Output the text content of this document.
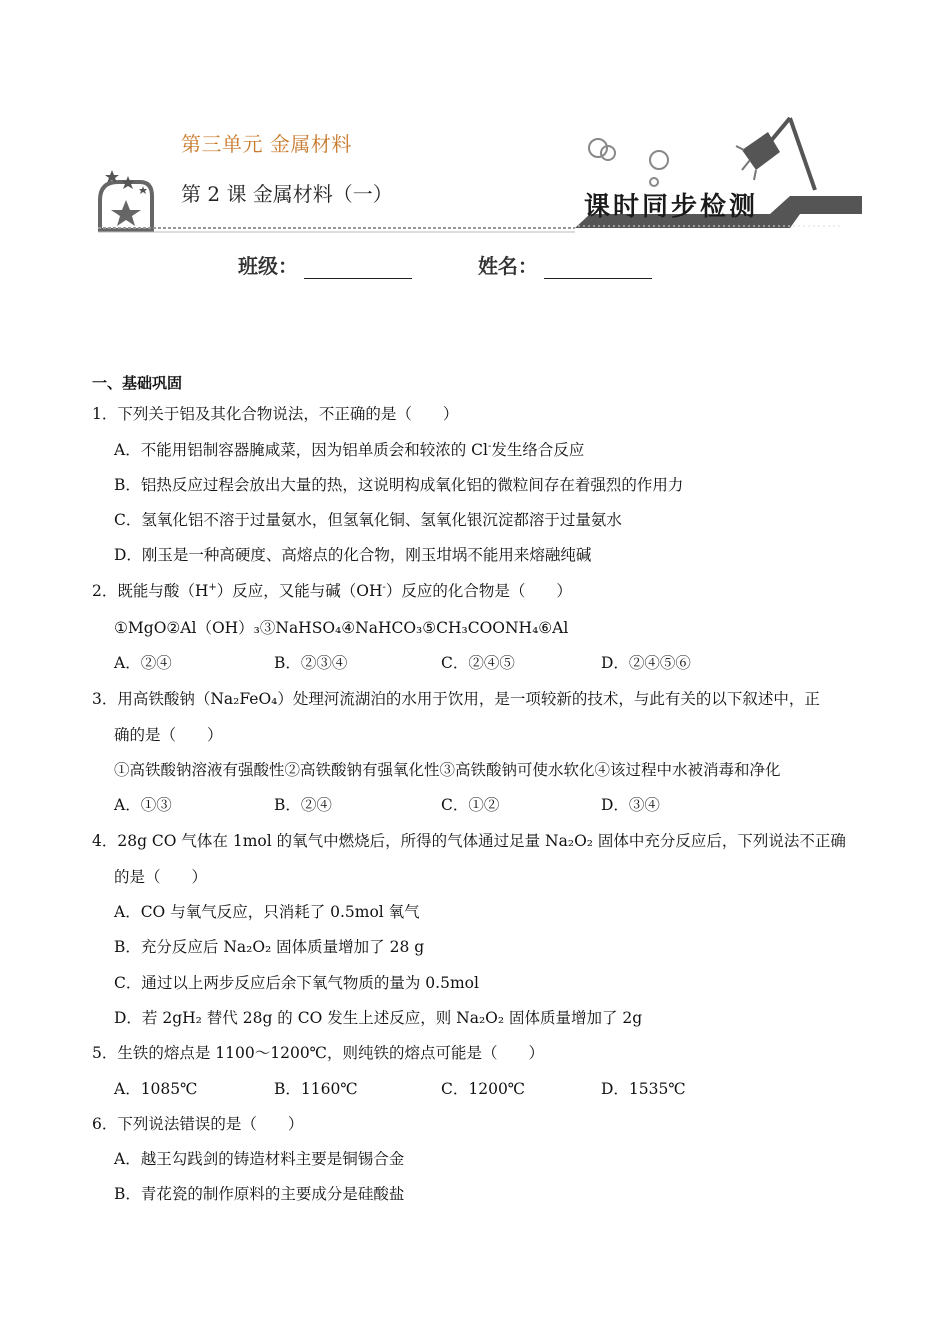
第三单元 金属材料
第 2 课 金属材料（一）	课时同步检测
班级：	姓名：
一、基础巩固
1．下列关于铝及其化合物说法，不正确的是（　　）
A．不能用铝制容器腌咸菜，因为铝单质会和较浓的 Cl-发生络合反应
B．铝热反应过程会放出大量的热，这说明构成氧化铝的微粒间存在着强烈的作用力
C．氢氧化铝不溶于过量氨水，但氢氧化铜、氢氧化银沉淀都溶于过量氨水
D．刚玉是一种高硬度、高熔点的化合物，刚玉坩埚不能用来熔融纯碱
2．既能与酸（H+）反应，又能与碱（OH-）反应的化合物是（　　）
①MgO②Al（OH）₃③NaHSO₄④NaHCO₃⑤CH₃COONH₄⑥Al
A．②④	B．②③④	C．②④⑤	D．②④⑤⑥
3．用高铁酸钠（Na₂FeO₄）处理河流湖泊的水用于饮用，是一项较新的技术，与此有关的以下叙述中，正
确的是（　　）
①高铁酸钠溶液有强酸性②高铁酸钠有强氧化性③高铁酸钠可使水软化④该过程中水被消毒和净化
A．①③	B．②④	C．①②	D．③④
4．28g CO 气体在 1mol 的氧气中燃烧后，所得的气体通过足量 Na₂O₂ 固体中充分反应后，下列说法不正确
的是（　　）
A．CO 与氧气反应，只消耗了 0.5mol 氧气
B．充分反应后 Na₂O₂ 固体质量增加了 28 g
C．通过以上两步反应后余下氧气物质的量为 0.5mol
D．若 2gH₂ 替代 28g 的 CO 发生上述反应，则 Na₂O₂ 固体质量增加了 2g
5．生铁的熔点是 1100～1200℃，则纯铁的熔点可能是（　　）
A．1085℃	B．1160℃	C．1200℃	D．1535℃
6．下列说法错误的是（　　）
A．越王勾践剑的铸造材料主要是铜锡合金
B．青花瓷的制作原料的主要成分是硅酸盐
